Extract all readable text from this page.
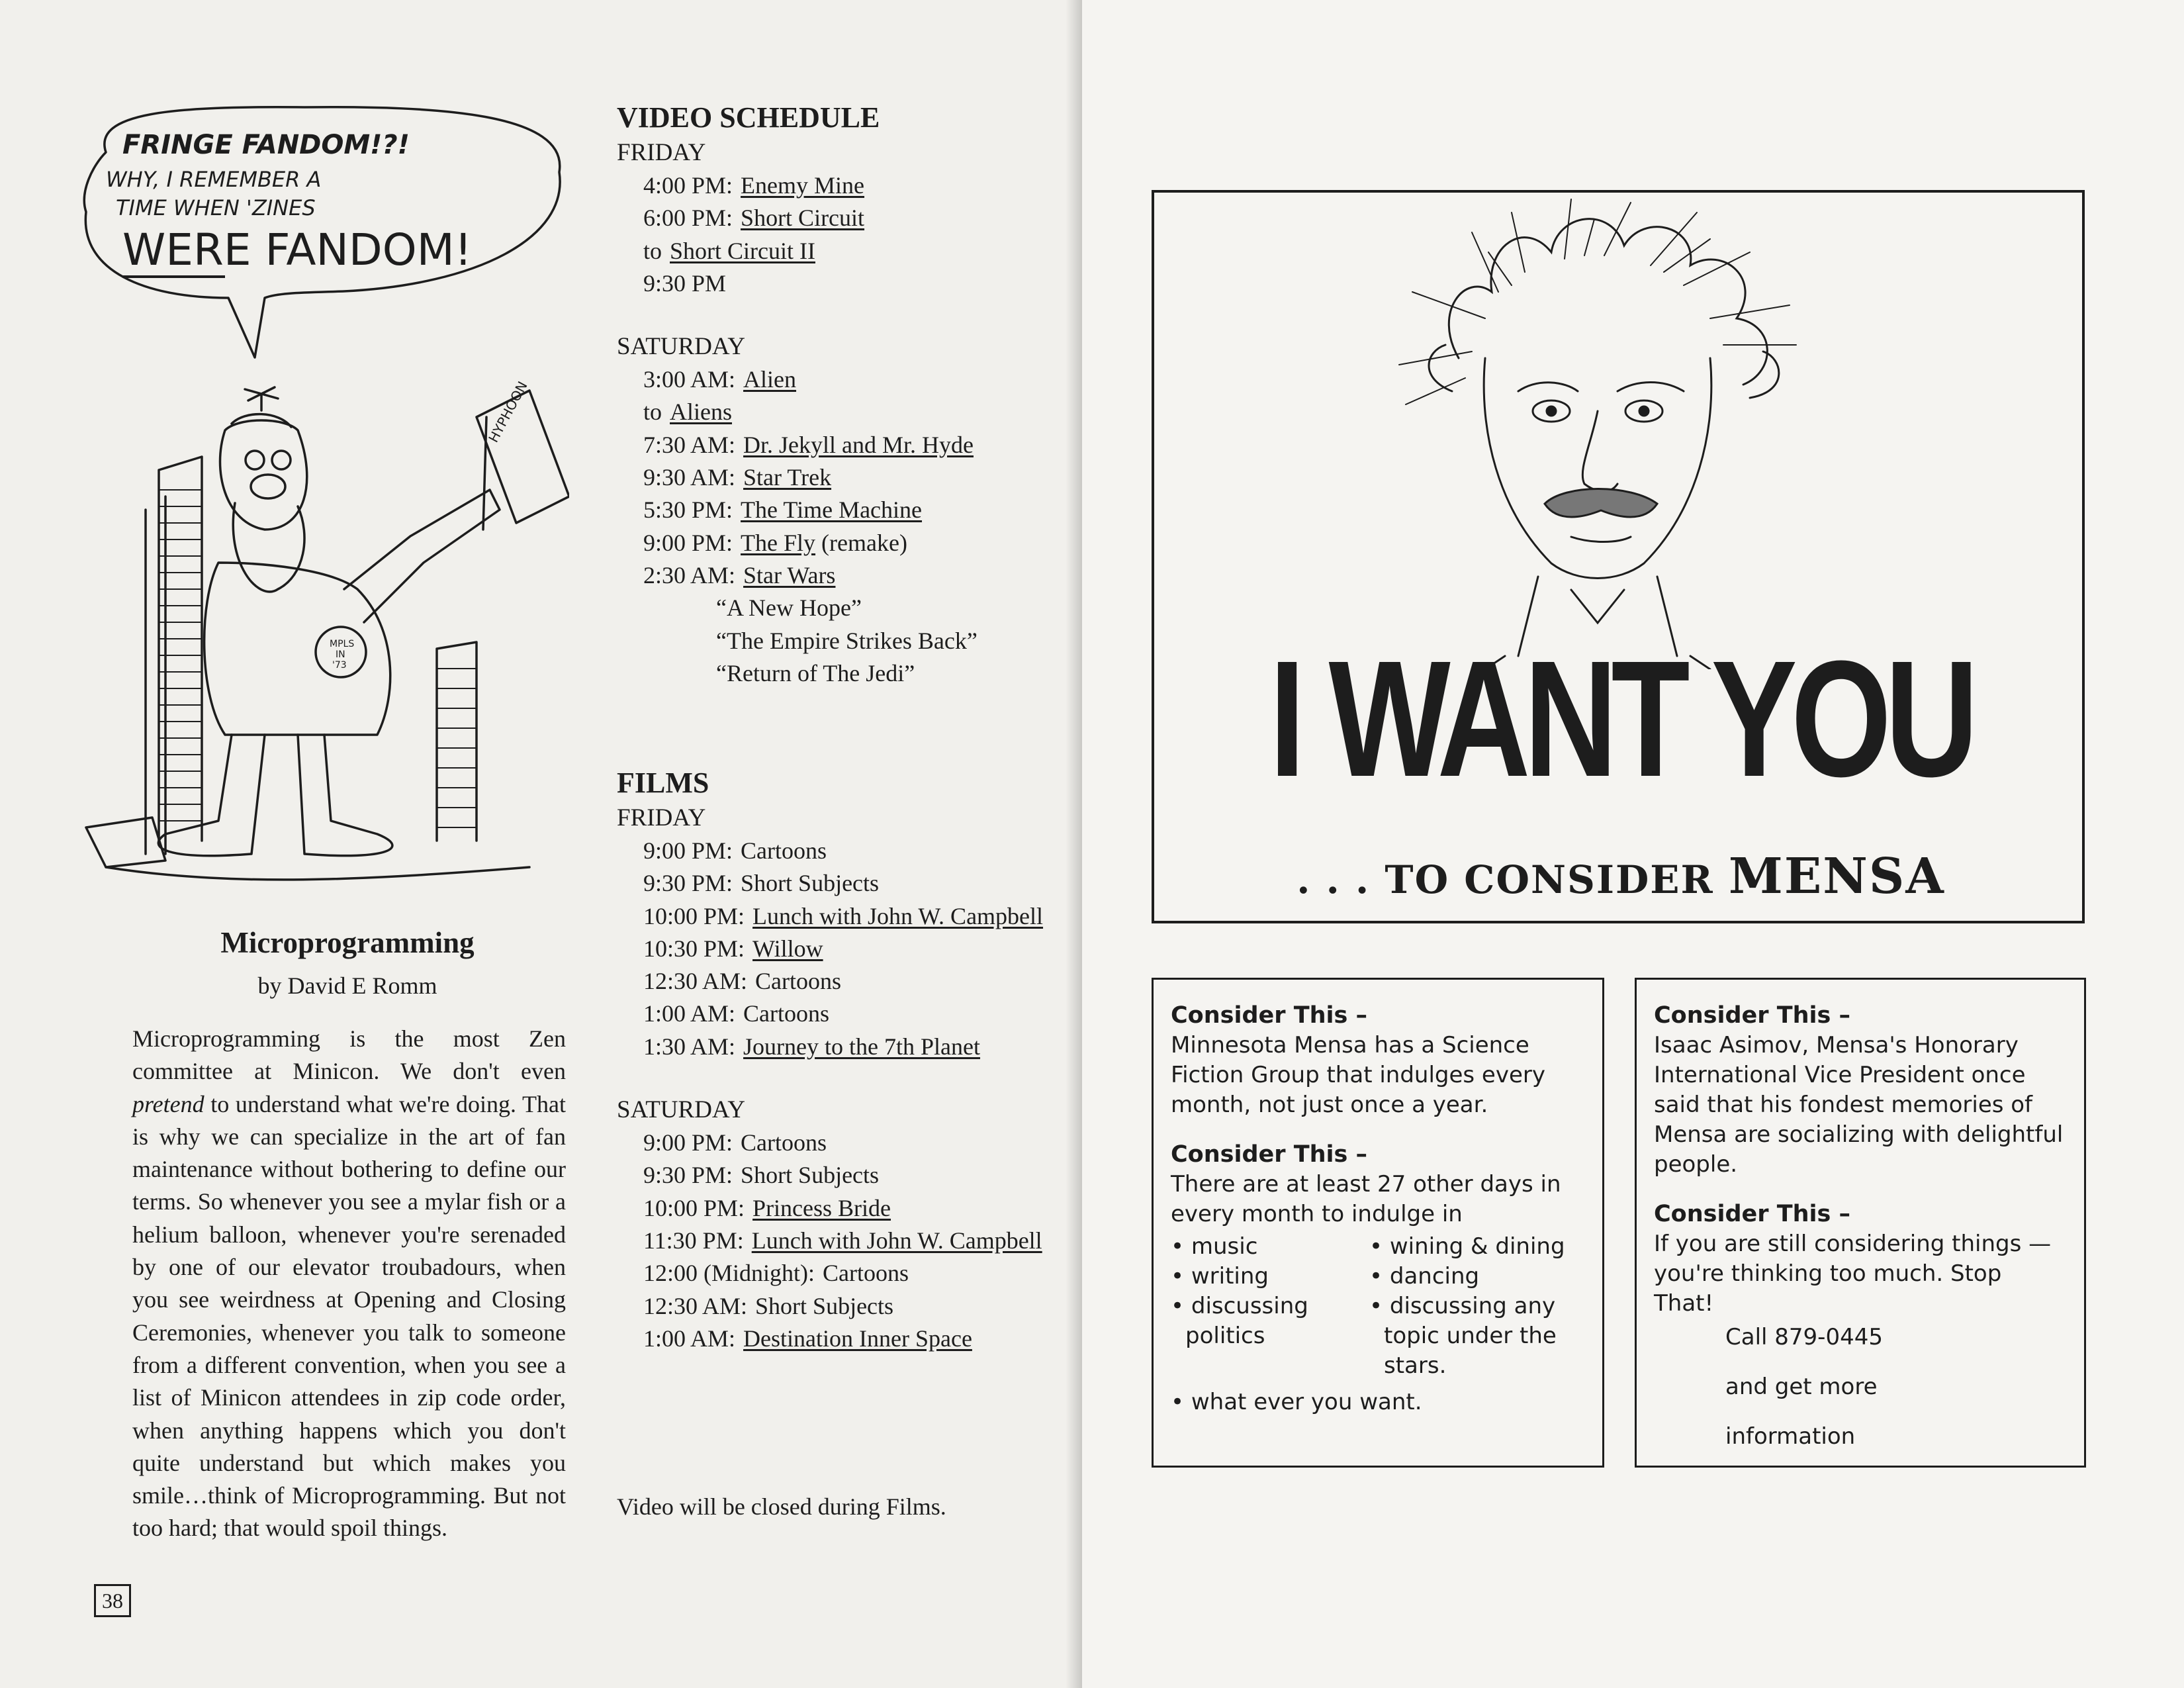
FRINGE FANDOM!?!
WHY, I REMEMBER A
TIME WHEN 'ZINES
WERE FANDOM!
HYPHOON
MPLS
IN
'73
Microprogramming
by David E Romm

Microprogramming is the most Zen committee at Minicon. We don't even pretend to understand what we're doing. That is why we can specialize in the art of fan maintenance without bothering to define our terms. So whenever you see a mylar fish or a helium balloon, whenever you're serenaded by one of our elevator troubadours, when you see weirdness at Opening and Closing Ceremonies, whenever you talk to someone from a different convention, when you see a list of Minicon attendees in zip code order, when anything happens which you don't quite understand but which makes you smile…think of Microprogramming. But not too hard; that would spoil things.

38
VIDEO SCHEDULE
FRIDAY
4:00 PM: Enemy Mine
6:00 PM: Short Circuit
to Short Circuit II
9:30 PM
SATURDAY
3:00 AM: Alien
to Aliens
7:30 AM: Dr. Jekyll and Mr. Hyde
9:30 AM: Star Trek
5:30 PM: The Time Machine
9:00 PM: The Fly (remake)
2:30 AM: Star Wars
“A New Hope”
“The Empire Strikes Back”
“Return of The Jedi”
FILMS
FRIDAY
9:00 PM: Cartoons
9:30 PM: Short Subjects
10:00 PM: Lunch with John W. Campbell
10:30 PM: Willow
12:30 AM: Cartoons
1:00 AM: Cartoons
1:30 AM: Journey to the 7th Planet
SATURDAY
9:00 PM: Cartoons
9:30 PM: Short Subjects
10:00 PM: Princess Bride
11:30 PM: Lunch with John W. Campbell
12:00 (Midnight): Cartoons
12:30 AM: Short Subjects
1:00 AM: Destination Inner Space
Video will be closed during Films.
I WANT YOU
. . . TO CONSIDER MENSA
Consider This –

Minnesota Mensa has a Science Fiction Group that indulges every month, not just once a year.

Consider This –
There are at least 27 other days in every month to indulge in
• music	• wining & dining
• writing	• dancing
• discussing politics
• discussing any topic under the stars.
• what ever you want.
Consider This –

Isaac Asimov, Mensa's Honorary International Vice President once said that his fondest memories of Mensa are socializing with delightful people.

Consider This –

If you are still considering things — you're thinking too much. Stop That!

Call 879-0445

and get more

information
